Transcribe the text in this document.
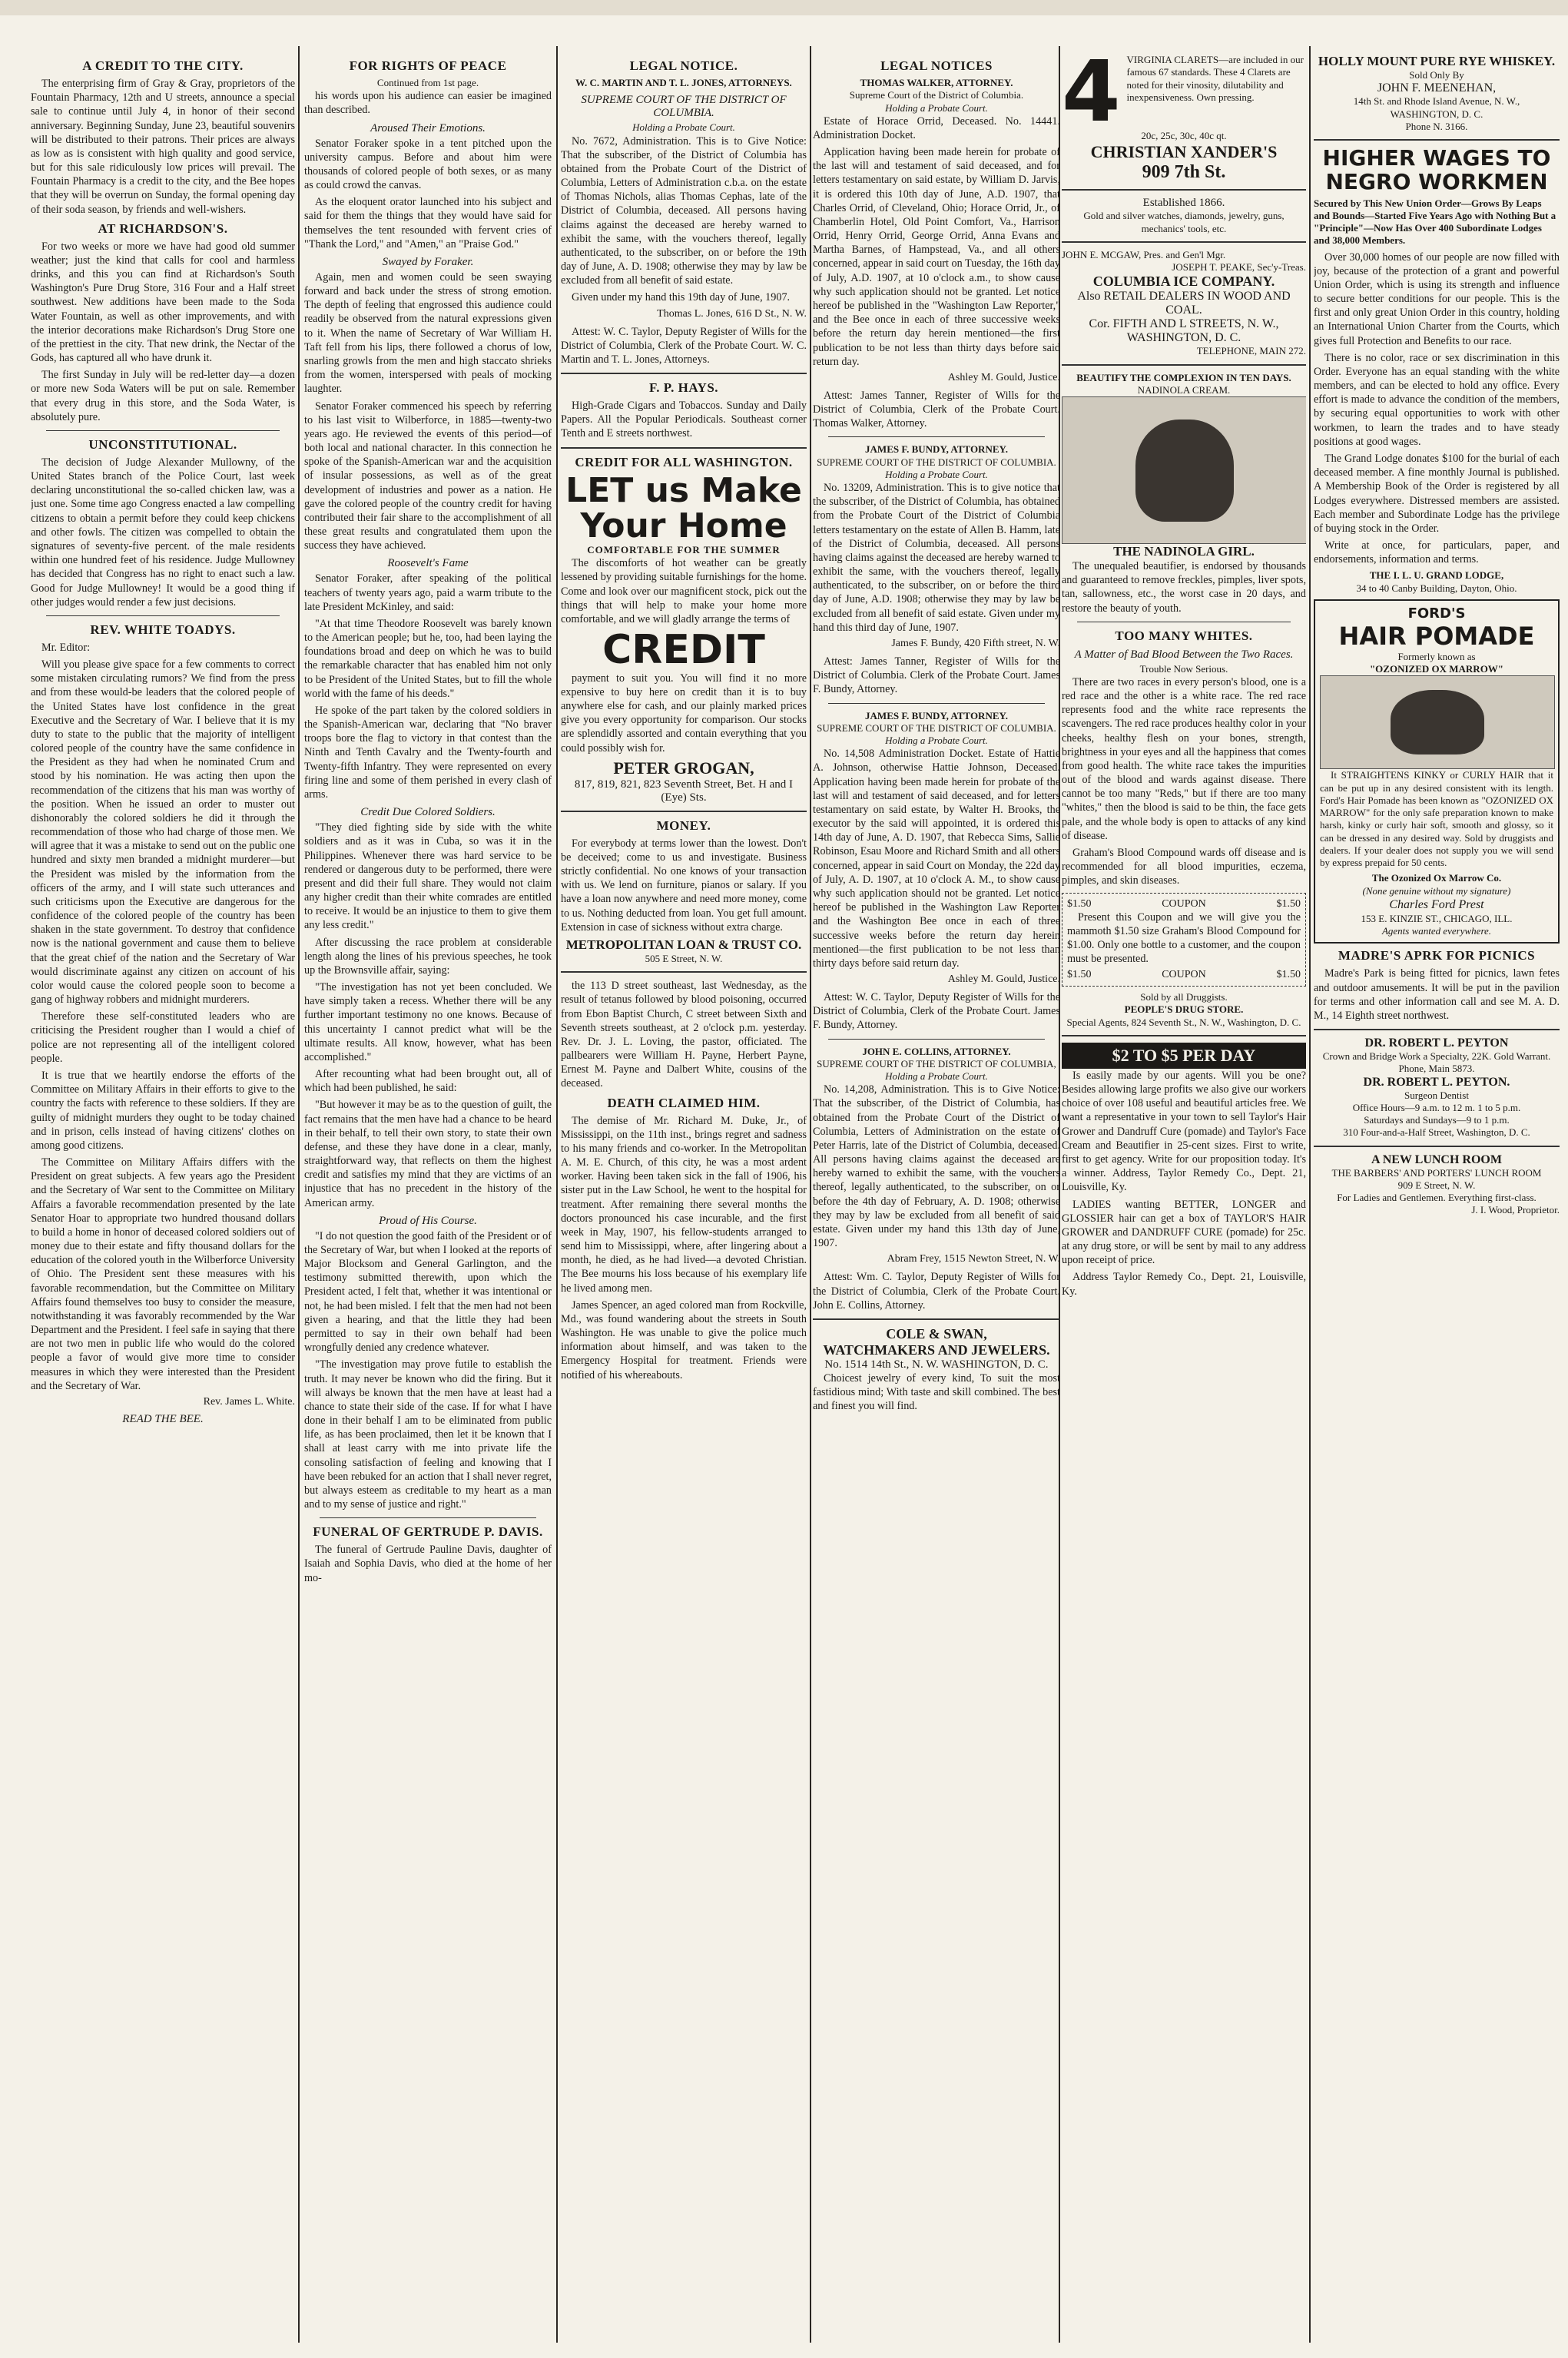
A CREDIT TO THE CITY.

The enterprising firm of Gray & Gray, proprietors of the Fountain Pharmacy, 12th and U streets, announce a special sale to continue until July 4, in honor of their second anniversary. Beginning Sunday, June 23, beautiful souvenirs will be distributed to their patrons. Their prices are always as low as is consistent with high quality and good service, but for this sale ridiculously low prices will prevail. The Fountain Pharmacy is a credit to the city, and the Bee hopes that they will be overrun on Sunday, the formal opening day of their soda season, by friends and well-wishers.

AT RICHARDSON'S.

For two weeks or more we have had good old summer weather; just the kind that calls for cool and harmless drinks, and this you can find at Richardson's South Washington's Pure Drug Store, 316 Four and a Half street southwest. New additions have been made to the Soda Water Fountain, as well as other improvements, and with the interior decorations make Richardson's Drug Store one of the prettiest in the city. That new drink, the Nectar of the Gods, has captured all who have drunk it.

The first Sunday in July will be red-letter day—a dozen or more new Soda Waters will be put on sale. Remember that every drug in this store, and the Soda Water, is absolutely pure.

UNCONSTITUTIONAL.

The decision of Judge Alexander Mullowny, of the United States branch of the Police Court, last week declaring unconstitutional the so-called chicken law, was a just one. Some time ago Congress enacted a law compelling citizens to obtain a permit before they could keep chickens and other fowls. The citizen was compelled to obtain the signatures of seventy-five percent. of the male residents within one hundred feet of his residence. Judge Mullowney has decided that Congress has no right to enact such a law. Good for Judge Mullowney! It would be a good thing if other judges would render a few just decisions.

REV. WHITE TOADYS.

Mr. Editor:

Will you please give space for a few comments to correct some mistaken circulating rumors? We find from the press and from these would-be leaders that the colored people of the United States have lost confidence in the great Executive and the Secretary of War. I believe that it is my duty to state to the public that the majority of intelligent colored people of the country have the same confidence in the President as they had when he nominated Crum and stood by his nomination. He was acting then upon the recommendation of the citizens that his man was worthy of the position. When he issued an order to muster out dishonorably the colored soldiers he did it through the recommendation of those who had charge of those men. We will agree that it was a mistake to send out on the public one hundred and sixty men branded a midnight murderer—but the President was misled by the information from the officers of the army, and I will state such utterances and such criticisms upon the Executive are dangerous for the confidence of the colored people of the country has been shaken in the state government. To destroy that confidence now is the national government and cause them to believe that the great chief of the nation and the Secretary of War would discriminate against any citizen on account of his color would cause the colored people soon to become a gang of highway robbers and midnight murderers.

Therefore these self-constituted leaders who are criticising the President rougher than I would a chief of police are not representing all of the intelligent colored people.

It is true that we heartily endorse the efforts of the Committee on Military Affairs in their efforts to give to the country the facts with reference to these soldiers. If they are guilty of midnight murders they ought to be today chained and in prison, cells instead of having citizens' clothes on among good citizens.

The Committee on Military Affairs differs with the President on great subjects. A few years ago the President and the Secretary of War sent to the Committee on Military Affairs a favorable recommendation presented by the late Senator Hoar to appropriate two hundred thousand dollars to build a home in honor of deceased colored soldiers out of money due to their estate and fifty thousand dollars for the education of the colored youth in the Wilberforce University of Ohio. The President sent these measures with his favorable recommendation, but the Committee on Military Affairs found themselves too busy to consider the measure, notwithstanding it was favorably recommended by the War Department and the President. I feel safe in saying that there are not two men in public life who would do the colored people a favor of would give more time to consider measures in which they were interested than the President and the Secretary of War.

Rev. James L. White.
READ THE BEE.
FOR RIGHTS OF PEACE
Continued from 1st page.

his words upon his audience can easier be imagined than described.

Aroused Their Emotions.

Senator Foraker spoke in a tent pitched upon the university campus. Before and about him were thousands of colored people of both sexes, or as many as could crowd the canvas.

As the eloquent orator launched into his subject and said for them the things that they would have said for themselves the tent resounded with fervent cries of "Thank the Lord," and "Amen," an "Praise God."

Swayed by Foraker.

Again, men and women could be seen swaying forward and back under the stress of strong emotion. The depth of feeling that engrossed this audience could readily be observed from the natural expressions given to it. When the name of Secretary of War William H. Taft fell from his lips, there followed a chorus of low, snarling growls from the men and high staccato shrieks from the women, interspersed with peals of mocking laughter.

Senator Foraker commenced his speech by referring to his last visit to Wilberforce, in 1885—twenty-two years ago. He reviewed the events of this period—of both local and national character. In this connection he spoke of the Spanish-American war and the acquisition of insular possessions, as well as of the great development of industries and power as a nation. He gave the colored people of the country credit for having contributed their fair share to the accomplishment of all these great results and congratulated them upon the success they have achieved.

Roosevelt's Fame

Senator Foraker, after speaking of the political teachers of twenty years ago, paid a warm tribute to the late President McKinley, and said:

"At that time Theodore Roosevelt was barely known to the American people; but he, too, had been laying the foundations broad and deep on which he was to build the remarkable character that has enabled him not only to be President of the United States, but to fill the whole world with the fame of his deeds."

He spoke of the part taken by the colored soldiers in the Spanish-American war, declaring that "No braver troops bore the flag to victory in that contest than the Ninth and Tenth Cavalry and the Twenty-fourth and Twenty-fifth Infantry. They were represented on every firing line and some of them perished in every clash of arms.

Credit Due Colored Soldiers.

"They died fighting side by side with the white soldiers and as it was in Cuba, so was it in the Philippines. Whenever there was hard service to be rendered or dangerous duty to be performed, there were present and did their full share. They would not claim any higher credit than their white comrades are entitled to receive. It would be an injustice to them to give them any less credit."

After discussing the race problem at considerable length along the lines of his previous speeches, he took up the Brownsville affair, saying:

"The investigation has not yet been concluded. We have simply taken a recess. Whether there will be any further important testimony no one knows. Because of this uncertainty I cannot predict what will be the ultimate results. All know, however, what has been accomplished."

After recounting what had been brought out, all of which had been published, he said:

"But however it may be as to the question of guilt, the fact remains that the men have had a chance to be heard in their behalf, to tell their own story, to state their own defense, and these they have done in a clear, manly, straightforward way, that reflects on them the highest credit and satisfies my mind that they are victims of an injustice that has no precedent in the history of the American army.

Proud of His Course.

"I do not question the good faith of the President or of the Secretary of War, but when I looked at the reports of Major Blocksom and General Garlington, and the testimony submitted therewith, upon which the President acted, I felt that, whether it was intentional or not, he had been misled. I felt that the men had not been given a hearing, and that the little they had been permitted to say in their own behalf had been wrongfully denied any credence whatever.

"The investigation may prove futile to establish the truth. It may never be known who did the firing. But it will always be known that the men have at least had a chance to state their side of the case. If for what I have done in their behalf I am to be eliminated from public life, as has been proclaimed, then let it be known that I shall at least carry with me into private life the consoling satisfaction of feeling and knowing that I have been rebuked for an action that I shall never regret, but always esteem as creditable to my heart as a man and to my sense of justice and right."

FUNERAL OF GERTRUDE P. DAVIS.

The funeral of Gertrude Pauline Davis, daughter of Isaiah and Sophia Davis, who died at the home of her mo-

LEGAL NOTICE.
W. C. MARTIN AND T. L. JONES, ATTORNEYS.
SUPREME COURT OF THE DISTRICT OF COLUMBIA.
Holding a Probate Court.

No. 7672, Administration. This is to Give Notice: That the subscriber, of the District of Columbia has obtained from the Probate Court of the District of Columbia, Letters of Administration c.b.a. on the estate of Thomas Nichols, alias Thomas Cephas, late of the District of Columbia, deceased. All persons having claims against the deceased are hereby warned to exhibit the same, with the vouchers thereof, legally authenticated, to the subscriber, on or before the 19th day of June, A. D. 1908; otherwise they may by law be excluded from all benefit of said estate.

Given under my hand this 19th day of June, 1907.

Thomas L. Jones, 616 D St., N. W.

Attest: W. C. Taylor, Deputy Register of Wills for the District of Columbia, Clerk of the Probate Court. W. C. Martin and T. L. Jones, Attorneys.

F. P. HAYS.

High-Grade Cigars and Tobaccos. Sunday and Daily Papers. All the Popular Periodicals. Southeast corner Tenth and E streets northwest.

CREDIT FOR ALL WASHINGTON.
LET us Make
Your Home
COMFORTABLE FOR THE SUMMER

The discomforts of hot weather can be greatly lessened by providing suitable furnishings for the home. Come and look over our magnificent stock, pick out the things that will help to make your home more comfortable, and we will gladly arrange the terms of

CREDIT

payment to suit you. You will find it no more expensive to buy here on credit than it is to buy anywhere else for cash, and our plainly marked prices give you every opportunity for comparison. Our stocks are splendidly assorted and contain everything that you could possibly wish for.

PETER GROGAN,
817, 819, 821, 823 Seventh Street, Bet. H and I (Eye) Sts.
MONEY.

For everybody at terms lower than the lowest. Don't be deceived; come to us and investigate. Business strictly confidential. No one knows of your transaction with us. We lend on furniture, pianos or salary. If you have a loan now anywhere and need more money, come to us. Nothing deducted from loan. You get full amount. Extension in case of sickness without extra charge.

METROPOLITAN LOAN & TRUST CO.
505 E Street, N. W.

the 113 D street southeast, last Wednesday, as the result of tetanus followed by blood poisoning, occurred from Ebon Baptist Church, C street between Sixth and Seventh streets southeast, at 2 o'clock p.m. yesterday. Rev. Dr. J. L. Loving, the pastor, officiated. The pallbearers were William H. Payne, Herbert Payne, Ernest M. Payne and Dalbert White, cousins of the deceased.

DEATH CLAIMED HIM.

The demise of Mr. Richard M. Duke, Jr., of Mississippi, on the 11th inst., brings regret and sadness to his many friends and co-worker. In the Metropolitan A. M. E. Church, of this city, he was a most ardent worker. Having been taken sick in the fall of 1906, his sister put in the Law School, he went to the hospital for treatment. After remaining there several months the doctors pronounced his case incurable, and the first week in May, 1907, his fellow-students arranged to send him to Mississippi, where, after lingering about a month, he died, as he had lived—a devoted Christian. The Bee mourns his loss because of his exemplary life he lived among men.

James Spencer, an aged colored man from Rockville, Md., was found wandering about the streets in South Washington. He was unable to give the police much information about himself, and was taken to the Emergency Hospital for treatment. Friends were notified of his whereabouts.

LEGAL NOTICES
THOMAS WALKER, ATTORNEY.
Supreme Court of the District of Columbia.
Holding a Probate Court.

Estate of Horace Orrid, Deceased. No. 14441. Administration Docket.

Application having been made herein for probate of the last will and testament of said deceased, and for letters testamentary on said estate, by William D. Jarvis, it is ordered this 10th day of June, A.D. 1907, that Charles Orrid, of Cleveland, Ohio; Horace Orrid, Jr., of Chamberlin Hotel, Old Point Comfort, Va., Harrison Orrid, Henry Orrid, George Orrid, Anna Evans and Martha Barnes, of Hampstead, Va., and all others concerned, appear in said court on Tuesday, the 16th day of July, A.D. 1907, at 10 o'clock a.m., to show cause why such application should not be granted. Let notice hereof be published in the "Washington Law Reporter," and the Bee once in each of three successive weeks before the return day herein mentioned—the first publication to be not less than thirty days before said return day.

Ashley M. Gould, Justice.

Attest: James Tanner, Register of Wills for the District of Columbia, Clerk of the Probate Court. Thomas Walker, Attorney.

JAMES F. BUNDY, ATTORNEY.
SUPREME COURT OF THE DISTRICT OF COLUMBIA.
Holding a Probate Court.

No. 13209, Administration. This is to give notice that the subscriber, of the District of Columbia, has obtained from the Probate Court of the District of Columbia letters testamentary on the estate of Allen B. Hamm, late of the District of Columbia, deceased. All persons having claims against the deceased are hereby warned to exhibit the same, with the vouchers thereof, legally authenticated, to the subscriber, on or before the third day of June, A.D. 1908; otherwise they may by law be excluded from all benefit of said estate. Given under my hand this third day of June, 1907.

James F. Bundy, 420 Fifth street, N. W.

Attest: James Tanner, Register of Wills for the District of Columbia. Clerk of the Probate Court. James F. Bundy, Attorney.

JAMES F. BUNDY, ATTORNEY.
SUPREME COURT OF THE DISTRICT OF COLUMBIA.
Holding a Probate Court.

No. 14,508 Administration Docket. Estate of Hattie A. Johnson, otherwise Hattie Johnson, Deceased. Application having been made herein for probate of the last will and testament of said deceased, and for letters testamentary on said estate, by Walter H. Brooks, the executor by the said will appointed, it is ordered this 14th day of June, A. D. 1907, that Rebecca Sims, Sallie Robinson, Esau Moore and Richard Smith and all others concerned, appear in said Court on Monday, the 22d day of July, A. D. 1907, at 10 o'clock A. M., to show cause why such application should not be granted. Let notice hereof be published in the Washington Law Reporter and the Washington Bee once in each of three successive weeks before the return day herein mentioned—the first publication to be not less than thirty days before said return day.

Ashley M. Gould, Justice.

Attest: W. C. Taylor, Deputy Register of Wills for the District of Columbia, Clerk of the Probate Court. James F. Bundy, Attorney.

JOHN E. COLLINS, ATTORNEY.
SUPREME COURT OF THE DISTRICT OF COLUMBIA,
Holding a Probate Court.

No. 14,208, Administration. This is to Give Notice: That the subscriber, of the District of Columbia, has obtained from the Probate Court of the District of Columbia, Letters of Administration on the estate of Peter Harris, late of the District of Columbia, deceased. All persons having claims against the deceased are hereby warned to exhibit the same, with the vouchers thereof, legally authenticated, to the subscriber, on or before the 4th day of February, A. D. 1908; otherwise they may by law be excluded from all benefit of said estate. Given under my hand this 13th day of June, 1907.

Abram Frey, 1515 Newton Street, N. W.

Attest: Wm. C. Taylor, Deputy Register of Wills for the District of Columbia, Clerk of the Probate Court. John E. Collins, Attorney.

COLE & SWAN,
WATCHMAKERS AND JEWELERS.
No. 1514 14th St., N. W. WASHINGTON, D. C.

Choicest jewelry of every kind, To suit the most fastidious mind; With taste and skill combined. The best and finest you will find.

4 VIRGINIA CLARETS—are included in our famous 67 standards. These 4 Clarets are noted for their vinosity, dilutability and inexpensiveness. Own pressing.
20c, 25c, 30c, 40c qt.
CHRISTIAN XANDER'S
909 7th St.
Established 1866.
Gold and silver watches, diamonds, jewelry, guns, mechanics' tools, etc.
JOHN E. MCGAW, Pres. and Gen'l Mgr.
JOSEPH T. PEAKE, Sec'y-Treas.
COLUMBIA ICE COMPANY.
Also RETAIL DEALERS IN WOOD AND COAL.
Cor. FIFTH AND L STREETS, N. W., WASHINGTON, D. C.
TELEPHONE, MAIN 272.
BEAUTIFY THE COMPLEXION IN TEN DAYS.
NADINOLA CREAM.
THE NADINOLA GIRL.

The unequaled beautifier, is endorsed by thousands and guaranteed to remove freckles, pimples, liver spots, tan, sallowness, etc., the worst case in 20 days, and restore the beauty of youth.

TOO MANY WHITES.
A Matter of Bad Blood Between the Two Races.
Trouble Now Serious.

There are two races in every person's blood, one is a red race and the other is a white race. The red race represents food and the white race represents the scavengers. The red race produces healthy color in your cheeks, healthy flesh on your bones, strength, brightness in your eyes and all the happiness that comes from good health. The white race takes the impurities out of the blood and wards against disease. There cannot be too many "Reds," but if there are too many "whites," then the blood is said to be thin, the face gets pale, and the whole body is open to attacks of any kind of disease.

Graham's Blood Compound wards off disease and is recommended for all blood impurities, eczema, pimples, and skin diseases.

$1.50	COUPON	$1.50

Present this Coupon and we will give you the mammoth $1.50 size Graham's Blood Compound for $1.00. Only one bottle to a customer, and the coupon must be presented.

$1.50	COUPON	$1.50
Sold by all Druggists.
PEOPLE'S DRUG STORE.
Special Agents, 824 Seventh St., N. W., Washington, D. C.
$2 TO $5 PER DAY

Is easily made by our agents. Will you be one? Besides allowing large profits we also give our workers choice of over 108 useful and beautiful articles free. We want a representative in your town to sell Taylor's Hair Grower and Dandruff Cure (pomade) and Taylor's Face Cream and Beautifier in 25-cent sizes. First to write, first to get agency. Write for our proposition today. It's a winner. Address, Taylor Remedy Co., Dept. 21, Louisville, Ky.

LADIES wanting BETTER, LONGER and GLOSSIER hair can get a box of TAYLOR'S HAIR GROWER and DANDRUFF CURE (pomade) for 25c. at any drug store, or will be sent by mail to any address upon receipt of price.

Address Taylor Remedy Co., Dept. 21, Louisville, Ky.

HOLLY MOUNT PURE RYE WHISKEY.
Sold Only By
JOHN F. MEENEHAN,
14th St. and Rhode Island Avenue, N. W.,
WASHINGTON, D. C.
Phone N. 3166.
HIGHER WAGES TO NEGRO WORKMEN
Secured by This New Union Order—Grows By Leaps and Bounds—Started Five Years Ago with Nothing But a "Principle"—Now Has Over 400 Subordinate Lodges and 38,000 Members.

Over 30,000 homes of our people are now filled with joy, because of the protection of a grant and powerful Union Order, which is using its strength and influence to secure better conditions for our people. This is the first and only great Union Order in this country, holding an International Union Charter from the Courts, which gives full Protection and Benefits to our race.

There is no color, race or sex discrimination in this Order. Everyone has an equal standing with the white members, and can be elected to hold any office. Every effort is made to advance the condition of the members, by securing equal opportunities to work with other workmen, to learn the trades and to have steady positions at good wages.

The Grand Lodge donates $100 for the burial of each deceased member. A fine monthly Journal is published. A Membership Book of the Order is registered by all Lodges everywhere. Distressed members are assisted. Each member and Subordinate Lodge has the privilege of buying stock in the Order.

Write at once, for particulars, paper, and endorsements, information and terms.

THE I. L. U. GRAND LODGE,
34 to 40 Canby Building, Dayton, Ohio.
FORD'S
HAIR POMADE
Formerly known as
"OZONIZED OX MARROW"

It STRAIGHTENS KINKY or CURLY HAIR that it can be put up in any desired consistent with its length. Ford's Hair Pomade has been known as "OZONIZED OX MARROW" for the only safe preparation known to make harsh, kinky or curly hair soft, smooth and glossy, so it can be dressed in any desired way. Sold by druggists and dealers. If your dealer does not supply you we will send by express prepaid for 50 cents.

The Ozonized Ox Marrow Co.
(None genuine without my signature)
Charles Ford Prest
153 E. KINZIE ST., CHICAGO, ILL.
Agents wanted everywhere.
MADRE'S APRK FOR PICNICS

Madre's Park is being fitted for picnics, lawn fetes and outdoor amusements. It will be put in the pavilion for terms and other information call and see M. A. D. M., 14 Eighth street northwest.

DR. ROBERT L. PEYTON
Crown and Bridge Work a Specialty, 22K. Gold Warrant.
Phone, Main 5873.
DR. ROBERT L. PEYTON.
Surgeon Dentist
Office Hours—9 a.m. to 12 m. 1 to 5 p.m.
Saturdays and Sundays—9 to 1 p.m.
310 Four-and-a-Half Street, Washington, D. C.
A NEW LUNCH ROOM
THE BARBERS' AND PORTERS' LUNCH ROOM
909 E Street, N. W.
For Ladies and Gentlemen. Everything first-class.
J. I. Wood, Proprietor.
